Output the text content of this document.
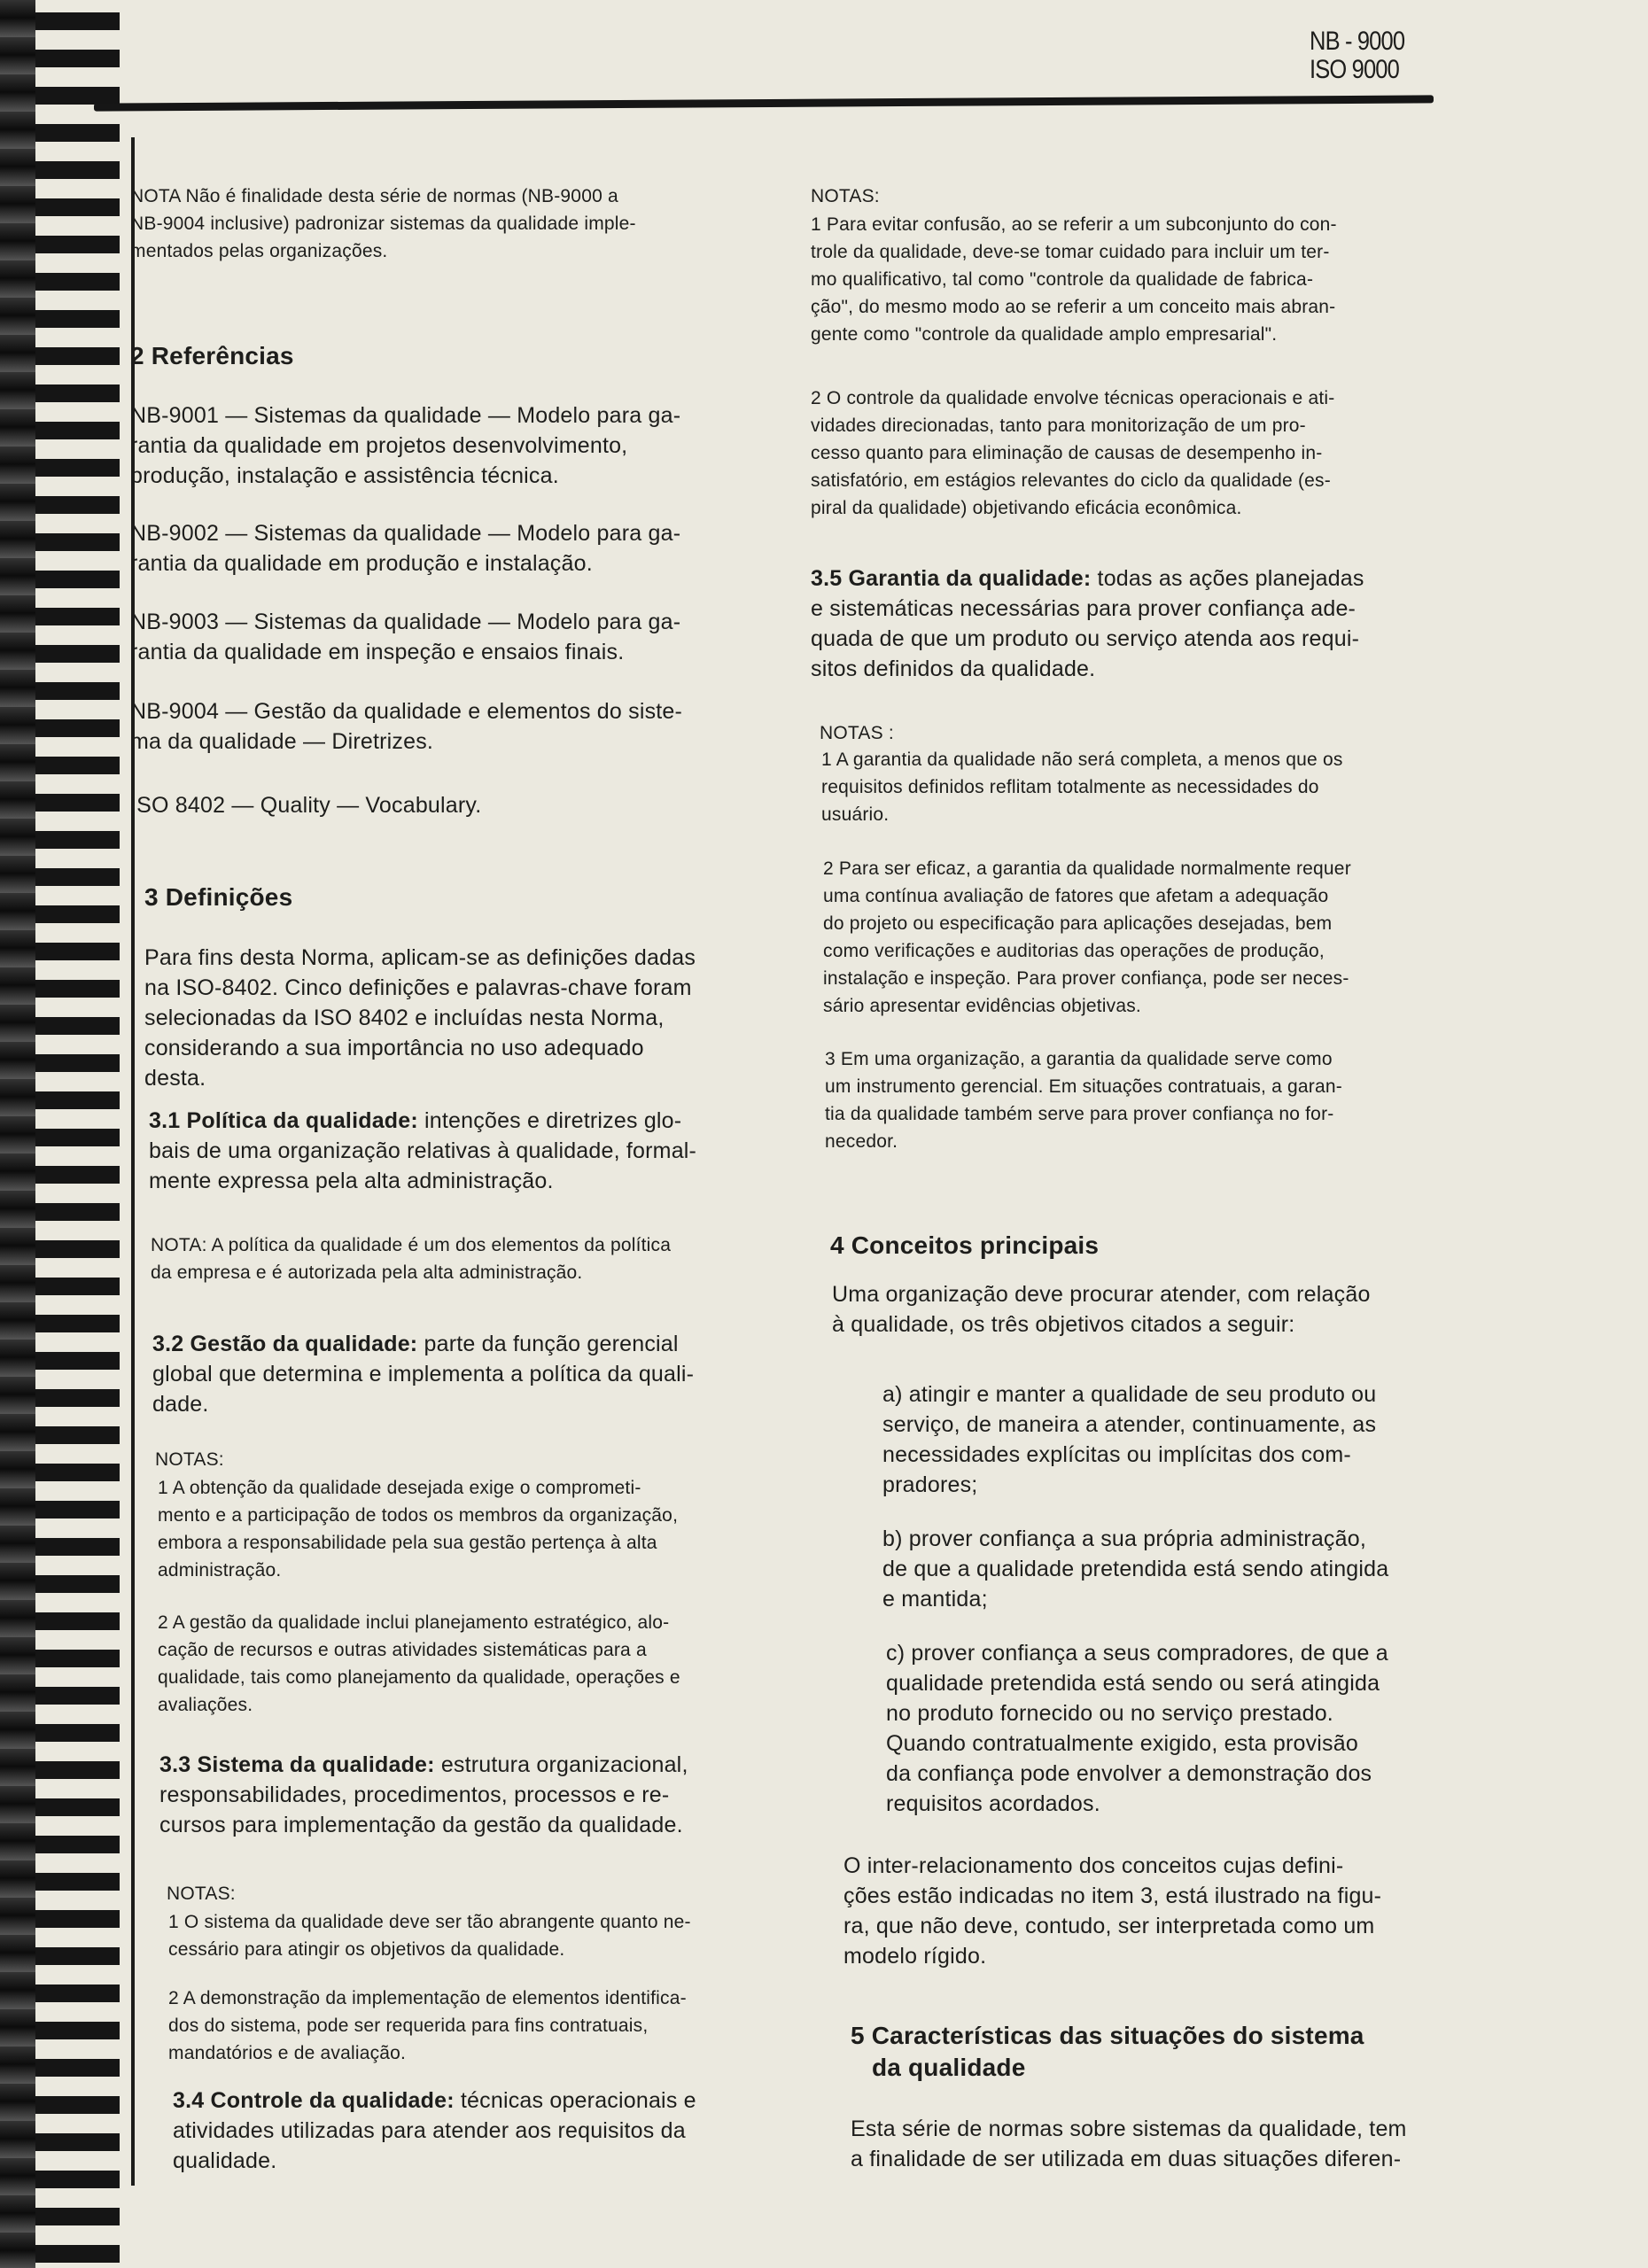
NB - 9000
ISO 9000
NOTA Não é finalidade desta série de normas (NB-9000 a
NB-9004 inclusive) padronizar sistemas da qualidade imple-
mentados pelas organizações.
2 Referências
NB-9001 — Sistemas da qualidade — Modelo para ga-
rantia da qualidade em projetos desenvolvimento,
produção, instalação e assistência técnica.
NB-9002 — Sistemas da qualidade — Modelo para ga-
rantia da qualidade em produção e instalação.
NB-9003 — Sistemas da qualidade — Modelo para ga-
rantia da qualidade em inspeção e ensaios finais.
NB-9004 — Gestão da qualidade e elementos do siste-
ma da qualidade — Diretrizes.
ISO 8402 — Quality — Vocabulary.
3 Definições
Para fins desta Norma, aplicam-se as definições dadas
na ISO-8402. Cinco definições e palavras-chave foram
selecionadas da ISO 8402 e incluídas nesta Norma,
considerando a sua importância no uso adequado
desta.
3.1 Política da qualidade: intenções e diretrizes glo-
bais de uma organização relativas à qualidade, formal-
mente expressa pela alta administração.
NOTA: A política da qualidade é um dos elementos da política
da empresa e é autorizada pela alta administração.
3.2 Gestão da qualidade: parte da função gerencial
global que determina e implementa a política da quali-
dade.
NOTAS:
1 A obtenção da qualidade desejada exige o comprometi-
mento e a participação de todos os membros da organização,
embora a responsabilidade pela sua gestão pertença à alta
administração.
2 A gestão da qualidade inclui planejamento estratégico, alo-
cação de recursos e outras atividades sistemáticas para a
qualidade, tais como planejamento da qualidade, operações e
avaliações.
3.3 Sistema da qualidade: estrutura organizacional,
responsabilidades, procedimentos, processos e re-
cursos para implementação da gestão da qualidade.
NOTAS:
1 O sistema da qualidade deve ser tão abrangente quanto ne-
cessário para atingir os objetivos da qualidade.
2 A demonstração da implementação de elementos identifica-
dos do sistema, pode ser requerida para fins contratuais,
mandatórios e de avaliação.
3.4 Controle da qualidade: técnicas operacionais e
atividades utilizadas para atender aos requisitos da
qualidade.
NOTAS:
1 Para evitar confusão, ao se referir a um subconjunto do con-
trole da qualidade, deve-se tomar cuidado para incluir um ter-
mo qualificativo, tal como "controle da qualidade de fabrica-
ção", do mesmo modo ao se referir a um conceito mais abran-
gente como "controle da qualidade amplo empresarial".
2 O controle da qualidade envolve técnicas operacionais e ati-
vidades direcionadas, tanto para monitorização de um pro-
cesso quanto para eliminação de causas de desempenho in-
satisfatório, em estágios relevantes do ciclo da qualidade (es-
piral da qualidade) objetivando eficácia econômica.
3.5 Garantia da qualidade: todas as ações planejadas
e sistemáticas necessárias para prover confiança ade-
quada de que um produto ou serviço atenda aos requi-
sitos definidos da qualidade.
NOTAS :
1 A garantia da qualidade não será completa, a menos que os
requisitos definidos reflitam totalmente as necessidades do
usuário.
2 Para ser eficaz, a garantia da qualidade normalmente requer
uma contínua avaliação de fatores que afetam a adequação
do projeto ou especificação para aplicações desejadas, bem
como verificações e auditorias das operações de produção,
instalação e inspeção. Para prover confiança, pode ser neces-
sário apresentar evidências objetivas.
3 Em uma organização, a garantia da qualidade serve como
um instrumento gerencial. Em situações contratuais, a garan-
tia da qualidade também serve para prover confiança no for-
necedor.
4 Conceitos principais
Uma organização deve procurar atender, com relação
à qualidade, os três objetivos citados a seguir:
a) atingir e manter a qualidade de seu produto ou
serviço, de maneira a atender, continuamente, as
necessidades explícitas ou implícitas dos com-
pradores;
b) prover confiança a sua própria administração,
de que a qualidade pretendida está sendo atingida
e mantida;
c) prover confiança a seus compradores, de que a
qualidade pretendida está sendo ou será atingida
no produto fornecido ou no serviço prestado.
Quando contratualmente exigido, esta provisão
da confiança pode envolver a demonstração dos
requisitos acordados.
O inter-relacionamento dos conceitos cujas defini-
ções estão indicadas no item 3, está ilustrado na figu-
ra, que não deve, contudo, ser interpretada como um
modelo rígido.
5 Características das situações do sistema
da qualidade
Esta série de normas sobre sistemas da qualidade, tem
a finalidade de ser utilizada em duas situações diferen-
